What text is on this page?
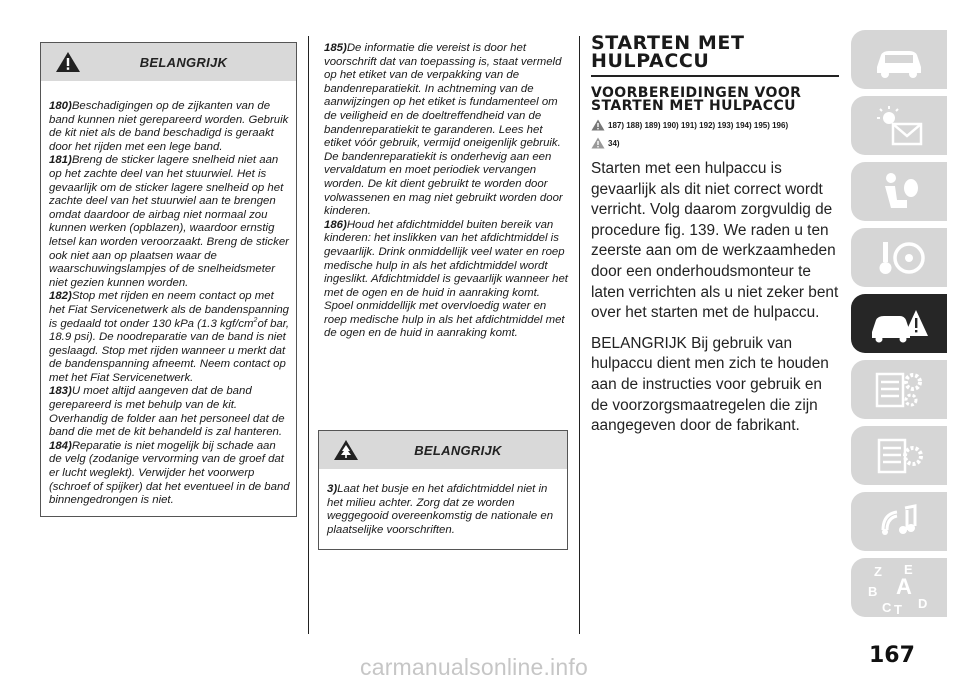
BELANGRIJK

180)Beschadigingen op de zijkanten van de band kunnen niet gerepareerd worden. Gebruik de kit niet als de band beschadigd is geraakt door het rijden met een lege band.

181)Breng de sticker lagere snelheid niet aan op het zachte deel van het stuurwiel. Het is gevaarlijk om de sticker lagere snelheid op het zachte deel van het stuurwiel aan te brengen omdat daardoor de airbag niet normaal zou kunnen werken (opblazen), waardoor ernstig letsel kan worden veroorzaakt. Breng de sticker ook niet aan op plaatsen waar de waarschuwingslampjes of de snelheidsmeter niet gezien kunnen worden.

182)Stop met rijden en neem contact op met het Fiat Servicenetwerk als de bandenspanning is gedaald tot onder 130 kPa (1.3 kgf/$cm^2of$ bar, 18.9 psi). De noodreparatie van de band is niet geslaagd. Stop met rijden wanneer u merkt dat de bandenspanning afneemt. Neem contact op met het Fiat Servicenetwerk.

183)U moet altijd aangeven dat de band gerepareerd is met behulp van de kit. Overhandig de folder aan het personeel dat de band die met de kit behandeld is zal hanteren.

184)Reparatie is niet mogelijk bij schade aan de velg (zodanige vervorming van de groef dat er lucht weglekt). Verwijder het voorwerp (schroef of spijker) dat het eventueel in de band binnengedrongen is niet.

185)De informatie die vereist is door het voorschrift dat van toepassing is, staat vermeld op het etiket van de verpakking van de bandenreparatiekit. In achtneming van de aanwijzingen op het etiket is fundamenteel om de veiligheid en de doeltreffendheid van de bandenreparatiekit te garanderen. Lees het etiket vóór gebruik, vermijd oneigenlijk gebruik. De bandenreparatiekit is onderhevig aan een vervaldatum en moet periodiek vervangen worden. De kit dient gebruikt te worden door volwassenen en mag niet gebruikt worden door kinderen.

186)Houd het afdichtmiddel buiten bereik van kinderen: het inslikken van het afdichtmiddel is gevaarlijk. Drink onmiddellijk veel water en roep medische hulp in als het afdichtmiddel wordt ingeslikt. Afdichtmiddel is gevaarlijk wanneer het met de ogen en de huid in aanraking komt. Spoel onmiddellijk met overvloedig water en roep medische hulp in als het afdichtmiddel met de ogen en de huid in aanraking komt.

BELANGRIJK

3)Laat het busje en het afdichtmiddel niet in het milieu achter. Zorg dat ze worden weggegooid overeenkomstig de nationale en plaatselijke voorschriften.

STARTEN MET HULPACCU
VOORBEREIDINGEN VOOR STARTEN MET HULPACCU
187) 188) 189) 190) 191) 192) 193) 194) 195) 196)
34)

Starten met een hulpaccu is gevaarlijk als dit niet correct wordt verricht. Volg daarom zorgvuldig de procedure fig. 139. We raden u ten zeerste aan om de werkzaamheden door een onderhoudsmonteur te laten verrichten als u niet zeker bent over het starten met de hulpaccu.

BELANGRIJK Bij gebruik van hulpaccu dient men zich te houden aan de instructies voor gebruik en de voorzorgsmaatregelen die zijn aangegeven door de fabrikant.

Z E
B A
C T D
167
carmanualsonline.info
